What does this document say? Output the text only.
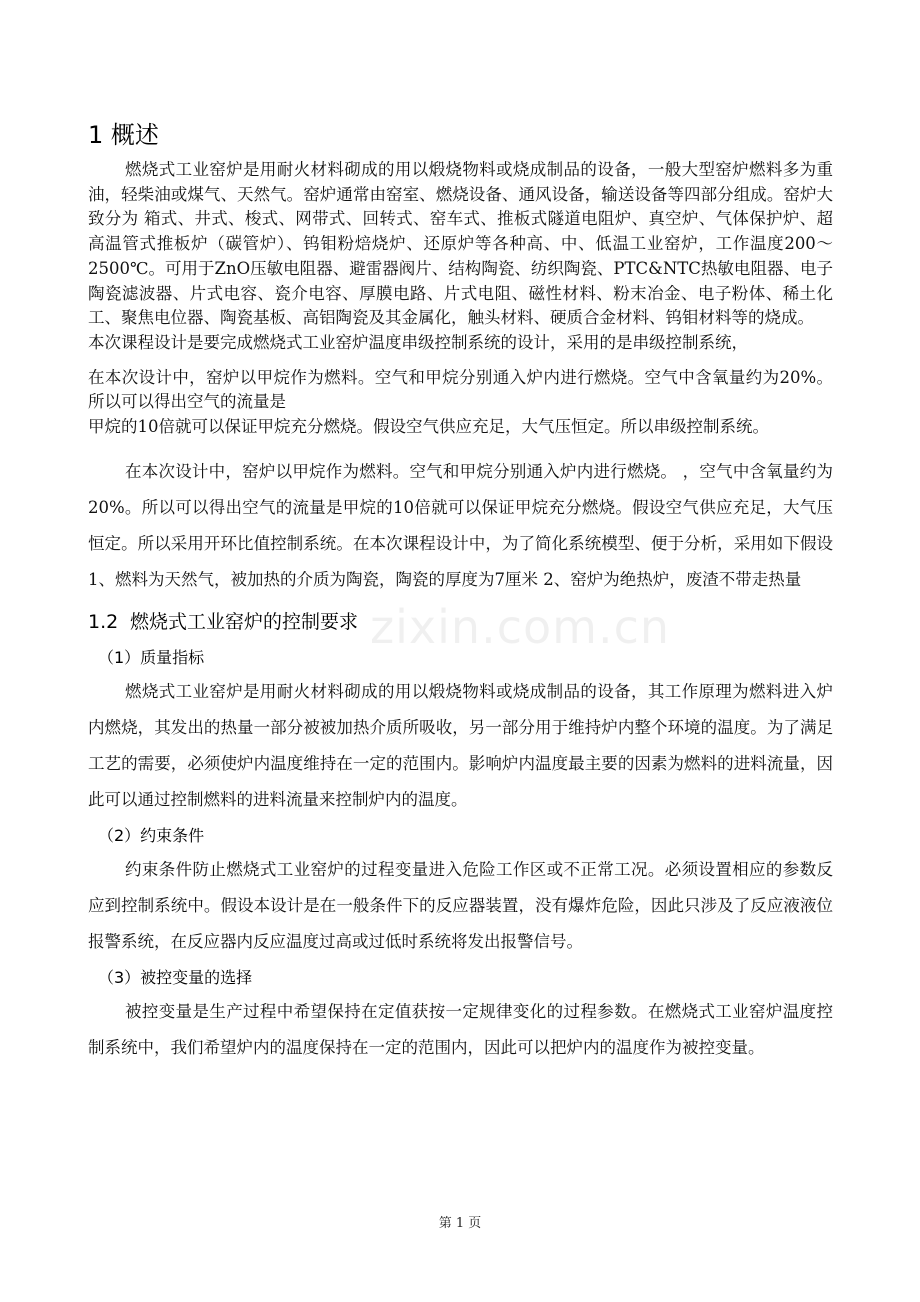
zixin.com.cn
1 概述

燃烧式工业窑炉是用耐火材料砌成的用以煅烧物料或烧成制品的设备，一般大型窑炉燃料多为重油，轻柴油或煤气、天然气。窑炉通常由窑室、燃烧设备、通风设备，输送设备等四部分组成。窑炉大致分为 箱式、井式、梭式、网带式、回转式、窑车式、推板式隧道电阻炉、真空炉、气体保护炉、超高温管式推板炉（碳管炉）、钨钼粉焙烧炉、还原炉等各种高、中、低温工业窑炉，工作温度200～2500℃。可用于ZnO压敏电阻器、避雷器阀片、结构陶瓷、纺织陶瓷、PTC&NTC热敏电阻器、电子陶瓷滤波器、片式电容、瓷介电容、厚膜电路、片式电阻、磁性材料、粉末冶金、电子粉体、稀土化工、聚焦电位器、陶瓷基板、高铝陶瓷及其金属化，触头材料、硬质合金材料、钨钼材料等的烧成。

本次课程设计是要完成燃烧式工业窑炉温度串级控制系统的设计，采用的是串级控制系统，

在本次设计中，窑炉以甲烷作为燃料。空气和甲烷分别通入炉内进行燃烧。空气中含氧量约为20%。所以可以得出空气的流量是

甲烷的10倍就可以保证甲烷充分燃烧。假设空气供应充足，大气压恒定。所以串级控制系统。

在本次设计中，窑炉以甲烷作为燃料。空气和甲烷分别通入炉内进行燃烧。 ，空气中含氧量约为20%。所以可以得出空气的流量是甲烷的10倍就可以保证甲烷充分燃烧。假设空气供应充足，大气压恒定。所以采用开环比值控制系统。在本次课程设计中，为了简化系统模型、便于分析，采用如下假设 1、燃料为天然气，被加热的介质为陶瓷，陶瓷的厚度为7厘米 2、窑炉为绝热炉，废渣不带走热量

1.2 燃烧式工业窑炉的控制要求
（1）质量指标

燃烧式工业窑炉是用耐火材料砌成的用以煅烧物料或烧成制品的设备，其工作原理为燃料进入炉内燃烧，其发出的热量一部分被被加热介质所吸收，另一部分用于维持炉内整个环境的温度。为了满足工艺的需要，必须使炉内温度维持在一定的范围内。影响炉内温度最主要的因素为燃料的进料流量，因此可以通过控制燃料的进料流量来控制炉内的温度。

（2）约束条件

约束条件防止燃烧式工业窑炉的过程变量进入危险工作区或不正常工况。必须设置相应的参数反应到控制系统中。假设本设计是在一般条件下的反应器装置，没有爆炸危险，因此只涉及了反应液液位报警系统，在反应器内反应温度过高或过低时系统将发出报警信号。

（3）被控变量的选择

被控变量是生产过程中希望保持在定值获按一定规律变化的过程参数。在燃烧式工业窑炉温度控制系统中，我们希望炉内的温度保持在一定的范围内，因此可以把炉内的温度作为被控变量。

第 1 页
